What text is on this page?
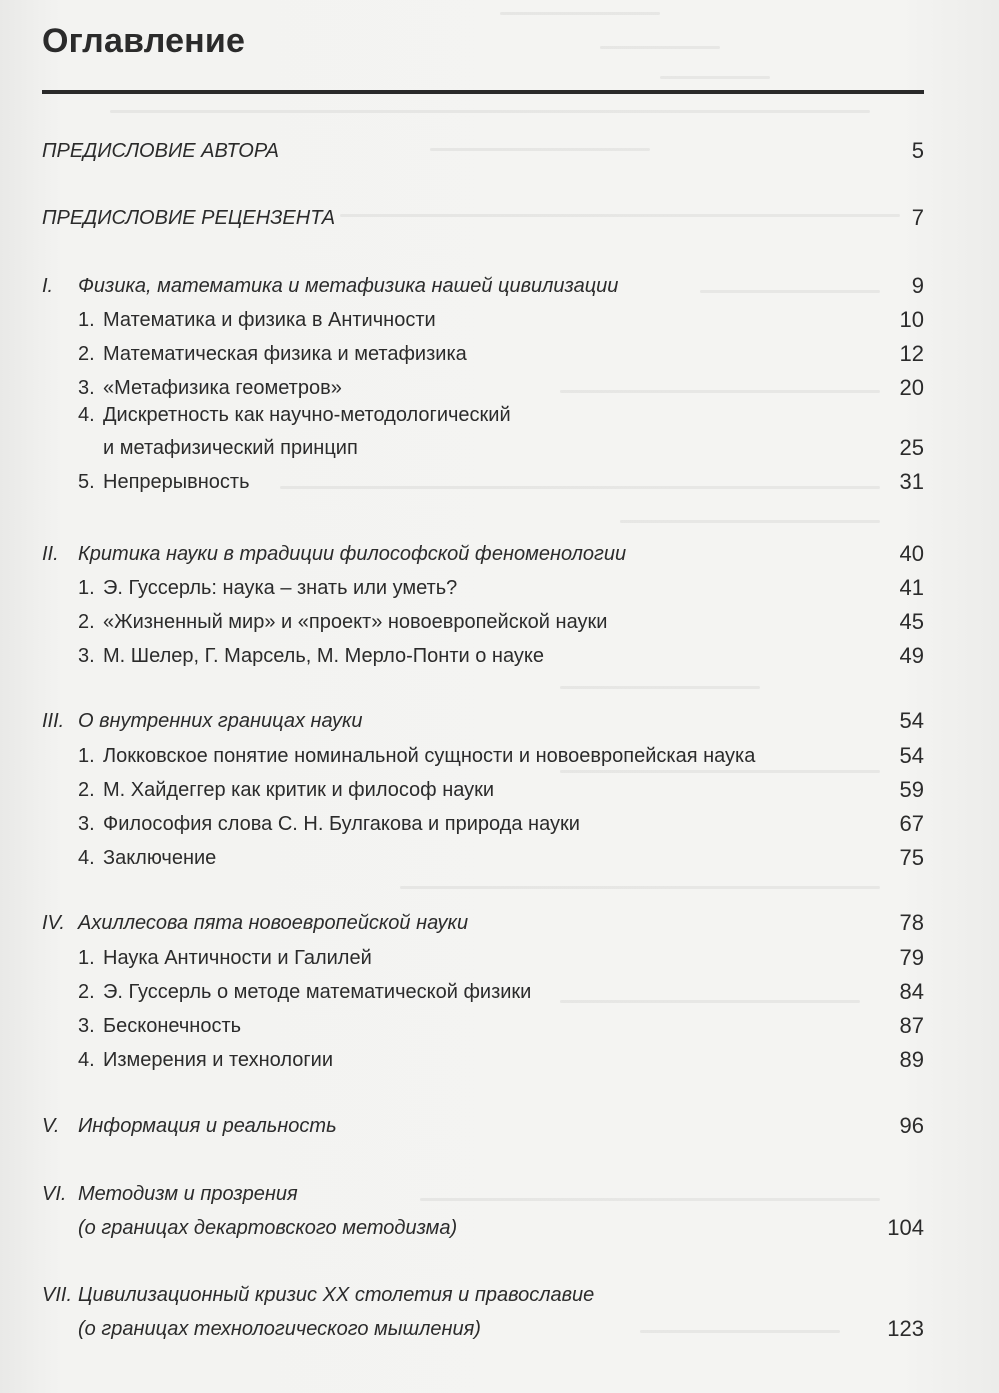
Оглавление
ПРЕДИСЛОВИЕ АВТОРА	5
ПРЕДИСЛОВИЕ РЕЦЕНЗЕНТА	7
I. Физика, математика и метафизика нашей цивилизации	9
1. Математика и физика в Античности	10
2. Математическая физика и метафизика	12
3. «Метафизика геометров»	20
4. Дискретность как научно-методологический
и метафизический принцип	25
5. Непрерывность	31
II. Критика науки в традиции философской феноменологии	40
1. Э. Гуссерль: наука – знать или уметь?	41
2. «Жизненный мир» и «проект» новоевропейской науки	45
3. М. Шелер, Г. Марсель, М. Мерло-Понти о науке	49
III. О внутренних границах науки	54
1. Локковское понятие номинальной сущности и новоевропейская наука	54
2. М. Хайдеггер как критик и философ науки	59
3. Философия слова С. Н. Булгакова и природа науки	67
4. Заключение	75
IV. Ахиллесова пята новоевропейской науки	78
1. Наука Античности и Галилей	79
2. Э. Гуссерль о методе математической физики	84
3. Бесконечность	87
4. Измерения и технологии	89
V. Информация и реальность	96
VI. Методизм и прозрения
(о границах декартовского методизма)	104
VII. Цивилизационный кризис XX столетия и православие
(о границах технологического мышления)	123
